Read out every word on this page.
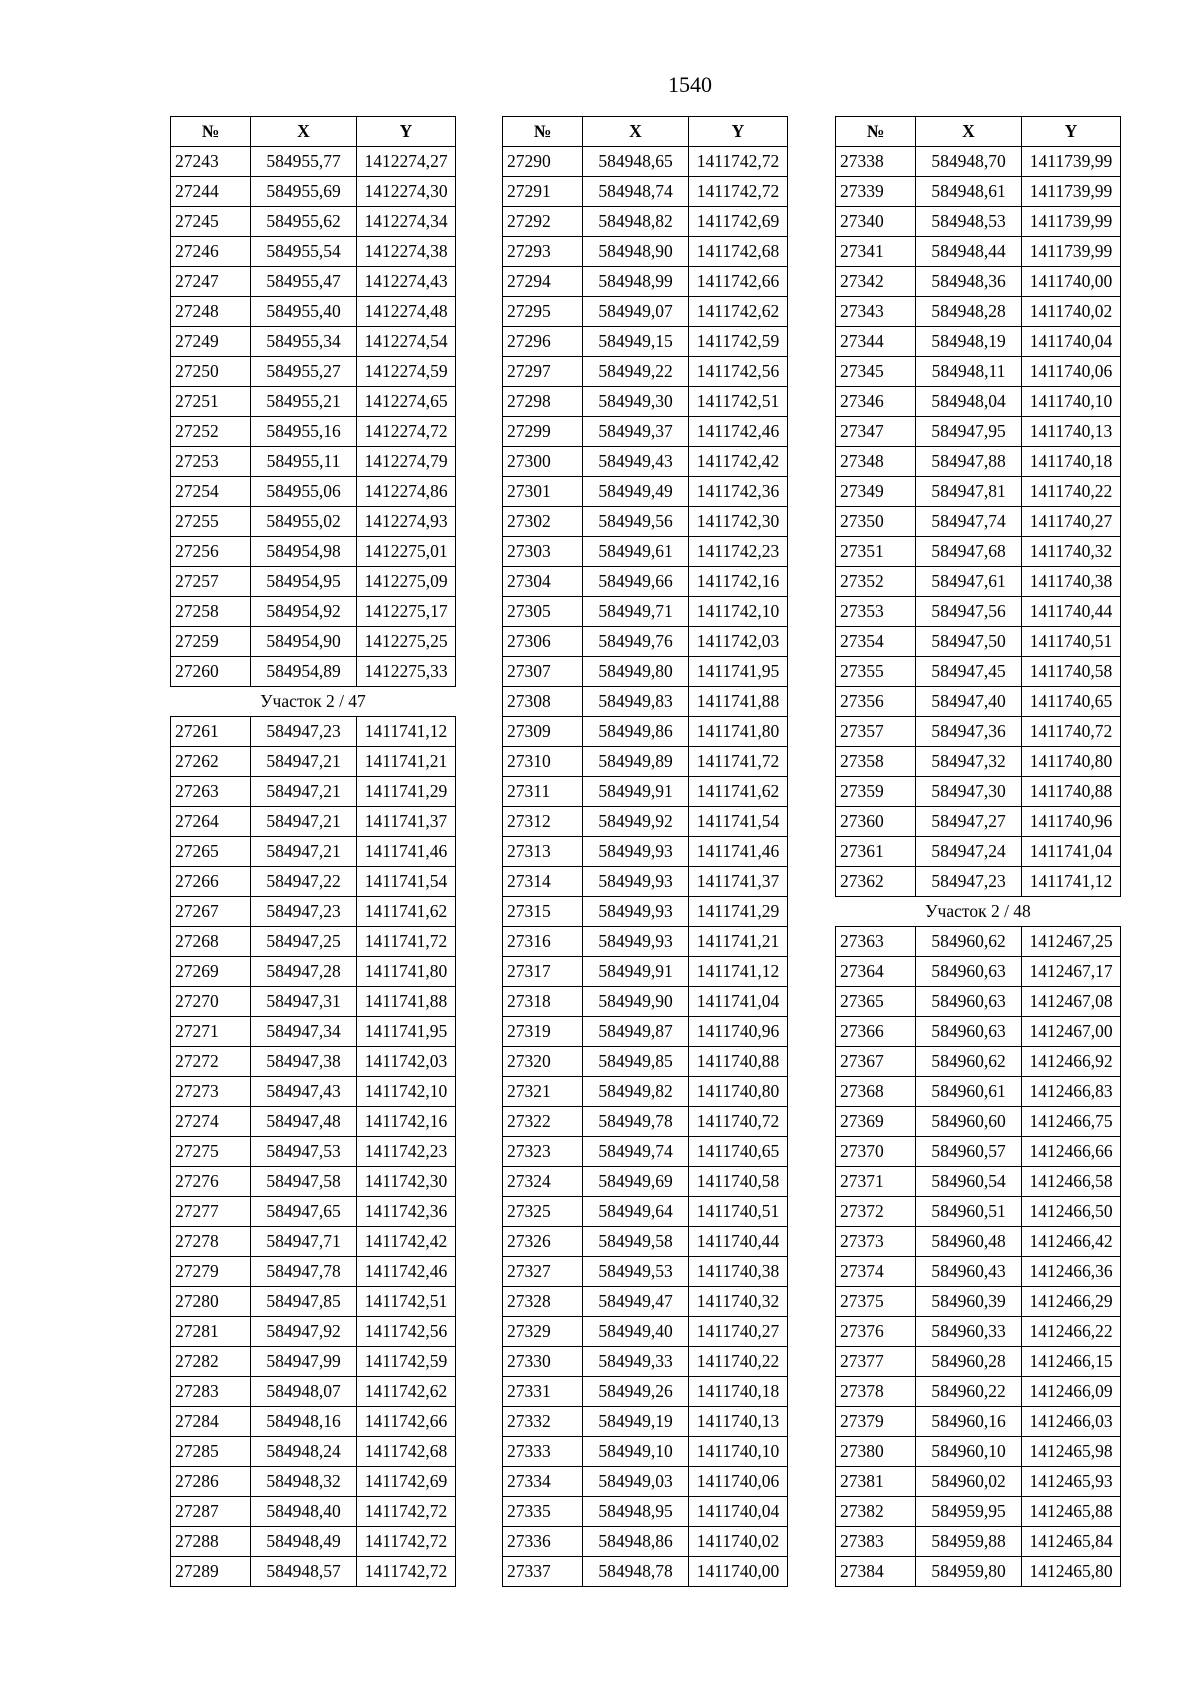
1540
№	X	Y
27243	584955,77	1412274,27
27244	584955,69	1412274,30
27245	584955,62	1412274,34
27246	584955,54	1412274,38
27247	584955,47	1412274,43
27248	584955,40	1412274,48
27249	584955,34	1412274,54
27250	584955,27	1412274,59
27251	584955,21	1412274,65
27252	584955,16	1412274,72
27253	584955,11	1412274,79
27254	584955,06	1412274,86
27255	584955,02	1412274,93
27256	584954,98	1412275,01
27257	584954,95	1412275,09
27258	584954,92	1412275,17
27259	584954,90	1412275,25
27260	584954,89	1412275,33
Участок 2 / 47		
27261	584947,23	1411741,12
27262	584947,21	1411741,21
27263	584947,21	1411741,29
27264	584947,21	1411741,37
27265	584947,21	1411741,46
27266	584947,22	1411741,54
27267	584947,23	1411741,62
27268	584947,25	1411741,72
27269	584947,28	1411741,80
27270	584947,31	1411741,88
27271	584947,34	1411741,95
27272	584947,38	1411742,03
27273	584947,43	1411742,10
27274	584947,48	1411742,16
27275	584947,53	1411742,23
27276	584947,58	1411742,30
27277	584947,65	1411742,36
27278	584947,71	1411742,42
27279	584947,78	1411742,46
27280	584947,85	1411742,51
27281	584947,92	1411742,56
27282	584947,99	1411742,59
27283	584948,07	1411742,62
27284	584948,16	1411742,66
27285	584948,24	1411742,68
27286	584948,32	1411742,69
27287	584948,40	1411742,72
27288	584948,49	1411742,72
27289	584948,57	1411742,72
№	X	Y
27290	584948,65	1411742,72
27291	584948,74	1411742,72
27292	584948,82	1411742,69
27293	584948,90	1411742,68
27294	584948,99	1411742,66
27295	584949,07	1411742,62
27296	584949,15	1411742,59
27297	584949,22	1411742,56
27298	584949,30	1411742,51
27299	584949,37	1411742,46
27300	584949,43	1411742,42
27301	584949,49	1411742,36
27302	584949,56	1411742,30
27303	584949,61	1411742,23
27304	584949,66	1411742,16
27305	584949,71	1411742,10
27306	584949,76	1411742,03
27307	584949,80	1411741,95
27308	584949,83	1411741,88
27309	584949,86	1411741,80
27310	584949,89	1411741,72
27311	584949,91	1411741,62
27312	584949,92	1411741,54
27313	584949,93	1411741,46
27314	584949,93	1411741,37
27315	584949,93	1411741,29
27316	584949,93	1411741,21
27317	584949,91	1411741,12
27318	584949,90	1411741,04
27319	584949,87	1411740,96
27320	584949,85	1411740,88
27321	584949,82	1411740,80
27322	584949,78	1411740,72
27323	584949,74	1411740,65
27324	584949,69	1411740,58
27325	584949,64	1411740,51
27326	584949,58	1411740,44
27327	584949,53	1411740,38
27328	584949,47	1411740,32
27329	584949,40	1411740,27
27330	584949,33	1411740,22
27331	584949,26	1411740,18
27332	584949,19	1411740,13
27333	584949,10	1411740,10
27334	584949,03	1411740,06
27335	584948,95	1411740,04
27336	584948,86	1411740,02
27337	584948,78	1411740,00
№	X	Y
27338	584948,70	1411739,99
27339	584948,61	1411739,99
27340	584948,53	1411739,99
27341	584948,44	1411739,99
27342	584948,36	1411740,00
27343	584948,28	1411740,02
27344	584948,19	1411740,04
27345	584948,11	1411740,06
27346	584948,04	1411740,10
27347	584947,95	1411740,13
27348	584947,88	1411740,18
27349	584947,81	1411740,22
27350	584947,74	1411740,27
27351	584947,68	1411740,32
27352	584947,61	1411740,38
27353	584947,56	1411740,44
27354	584947,50	1411740,51
27355	584947,45	1411740,58
27356	584947,40	1411740,65
27357	584947,36	1411740,72
27358	584947,32	1411740,80
27359	584947,30	1411740,88
27360	584947,27	1411740,96
27361	584947,24	1411741,04
27362	584947,23	1411741,12
Участок 2 / 48		
27363	584960,62	1412467,25
27364	584960,63	1412467,17
27365	584960,63	1412467,08
27366	584960,63	1412467,00
27367	584960,62	1412466,92
27368	584960,61	1412466,83
27369	584960,60	1412466,75
27370	584960,57	1412466,66
27371	584960,54	1412466,58
27372	584960,51	1412466,50
27373	584960,48	1412466,42
27374	584960,43	1412466,36
27375	584960,39	1412466,29
27376	584960,33	1412466,22
27377	584960,28	1412466,15
27378	584960,22	1412466,09
27379	584960,16	1412466,03
27380	584960,10	1412465,98
27381	584960,02	1412465,93
27382	584959,95	1412465,88
27383	584959,88	1412465,84
27384	584959,80	1412465,80
